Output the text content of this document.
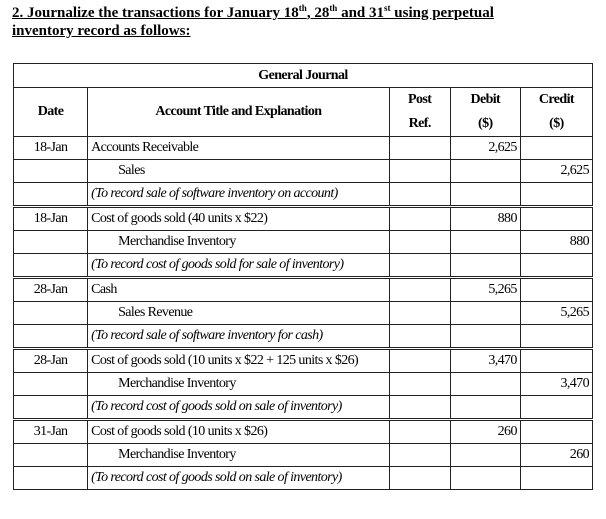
2. Journalize the transactions for January 18th, 28th and 31st using perpetual
inventory record as follows:
General Journal				
Date	Account Title and Explanation	Post	Debit	Credit
		Ref.	($)	($)
18-Jan	Accounts Receivable		2,625	
	Sales			2,625
	(To record sale of software inventory on account)			
18-Jan	Cost of goods sold (40 units x $22)		880	
	Merchandise Inventory			880
	(To record cost of goods sold for sale of inventory)			
28-Jan	Cash		5,265	
	Sales Revenue			5,265
	(To record sale of software inventory for cash)			
28-Jan	Cost of goods sold (10 units x $22 + 125 units x $26)		3,470	
	Merchandise Inventory			3,470
	(To record cost of goods sold on sale of inventory)			
31-Jan	Cost of goods sold (10 units x $26)		260	
	Merchandise Inventory			260
	(To record cost of goods sold on sale of inventory)			
